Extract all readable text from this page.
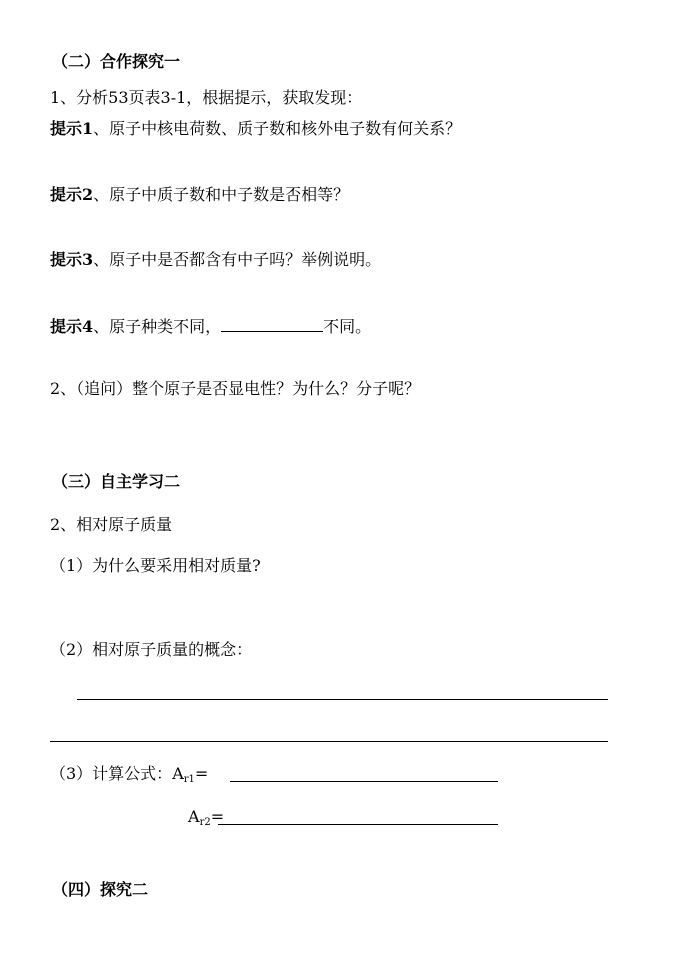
（二）合作探究一
1、分析53页表3-1，根据提示，获取发现：
提示1、原子中核电荷数、质子数和核外电子数有何关系？
提示2、原子中质子数和中子数是否相等？
提示3、原子中是否都含有中子吗？举例说明。
提示4、原子种类不同，	不同。
2、（追问）整个原子是否显电性？为什么？分子呢？
（三）自主学习二
2、相对原子质量
（1）为什么要采用相对质量?
（2）相对原子质量的概念：
（3）计算公式：$A_{r1}=$
$A_{r2}=$
（四）探究二
